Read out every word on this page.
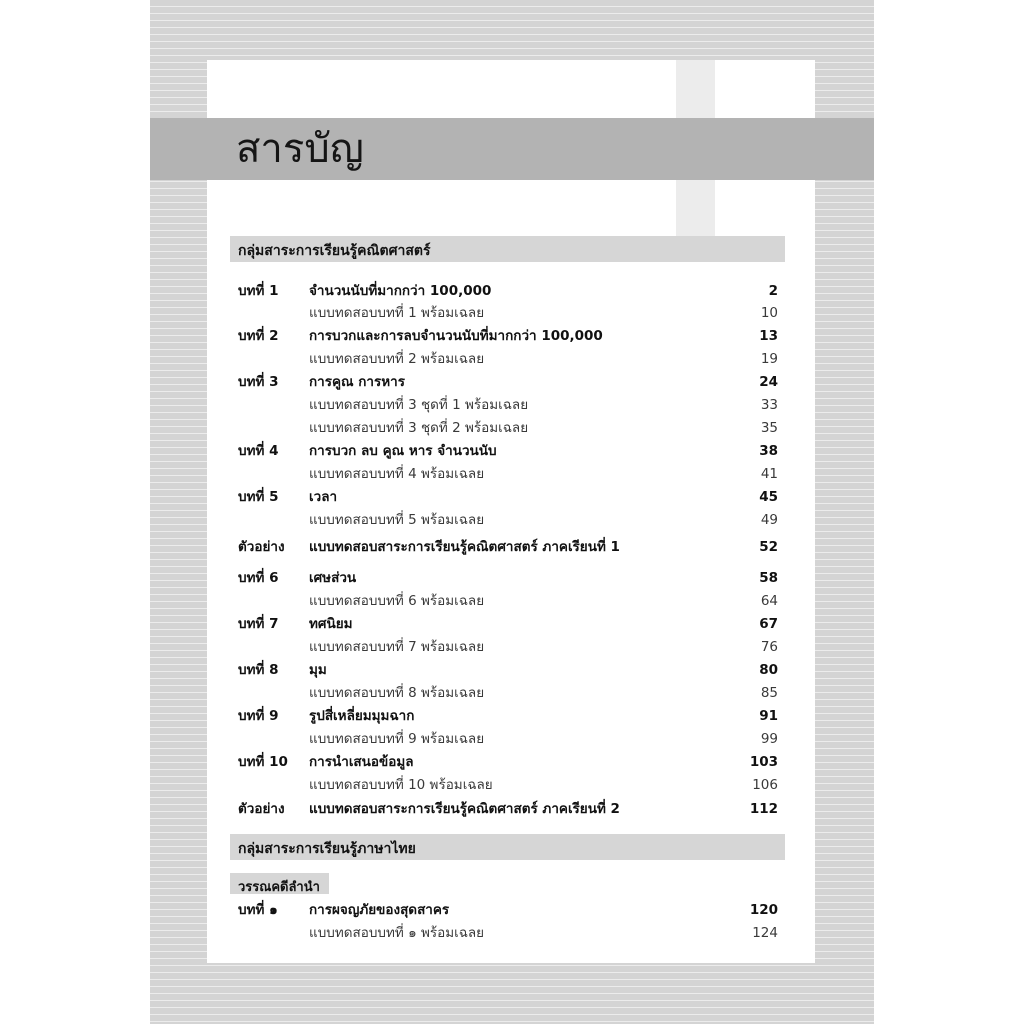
สารบัญ
กลุ่มสาระการเรียนรู้คณิตศาสตร์
บทที่ 1 จำนวนนับที่มากกว่า 100,000	2
แบบทดสอบบทที่ 1 พร้อมเฉลย	10
บทที่ 2 การบวกและการลบจำนวนนับที่มากกว่า 100,000	13
แบบทดสอบบทที่ 2 พร้อมเฉลย	19
บทที่ 3 การคูณ การหาร	24
แบบทดสอบบทที่ 3 ชุดที่ 1 พร้อมเฉลย	33
แบบทดสอบบทที่ 3 ชุดที่ 2 พร้อมเฉลย	35
บทที่ 4 การบวก ลบ คูณ หาร จำนวนนับ	38
แบบทดสอบบทที่ 4 พร้อมเฉลย	41
บทที่ 5 เวลา	45
แบบทดสอบบทที่ 5 พร้อมเฉลย	49
ตัวอย่าง แบบทดสอบสาระการเรียนรู้คณิตศาสตร์ ภาคเรียนที่ 1	52
บทที่ 6 เศษส่วน	58
แบบทดสอบบทที่ 6 พร้อมเฉลย	64
บทที่ 7 ทศนิยม	67
แบบทดสอบบทที่ 7 พร้อมเฉลย	76
บทที่ 8 มุม	80
แบบทดสอบบทที่ 8 พร้อมเฉลย	85
บทที่ 9 รูปสี่เหลี่ยมมุมฉาก	91
แบบทดสอบบทที่ 9 พร้อมเฉลย	99
บทที่ 10 การนำเสนอข้อมูล	103
แบบทดสอบบทที่ 10 พร้อมเฉลย	106
ตัวอย่าง แบบทดสอบสาระการเรียนรู้คณิตศาสตร์ ภาคเรียนที่ 2	112
กลุ่มสาระการเรียนรู้ภาษาไทย
วรรณคดีลำนำ
บทที่ ๑ การผจญภัยของสุดสาคร	120
แบบทดสอบบทที่ ๑ พร้อมเฉลย	124
